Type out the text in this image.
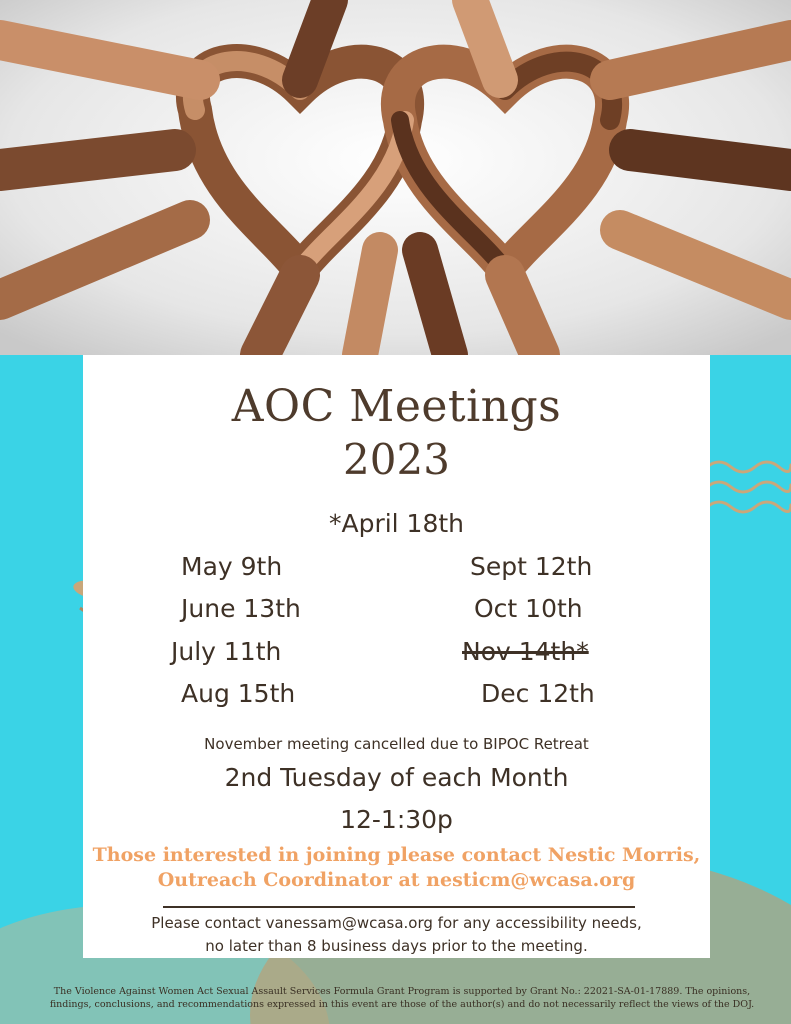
AOC Meetings
2023
*April 18th
May 9th
June 13th
July 11th
Aug 15th
Sept 12th
Oct 10th
Nov 14th*
Dec 12th
November meeting cancelled due to BIPOC Retreat
2nd Tuesday of each Month
12-1:30p
Those interested in joining please contact Nestic Morris,
Outreach Coordinator at nesticm@wcasa.org
Please contact vanessam@wcasa.org for any accessibility needs,
no later than 8 business days prior to the meeting.
The Violence Against Women Act Sexual Assault Services Formula Grant Program is supported by Grant No.: 22021-SA-01-17889. The opinions,
findings, conclusions, and recommendations expressed in this event are those of the author(s) and do not necessarily reflect the views of the DOJ.
